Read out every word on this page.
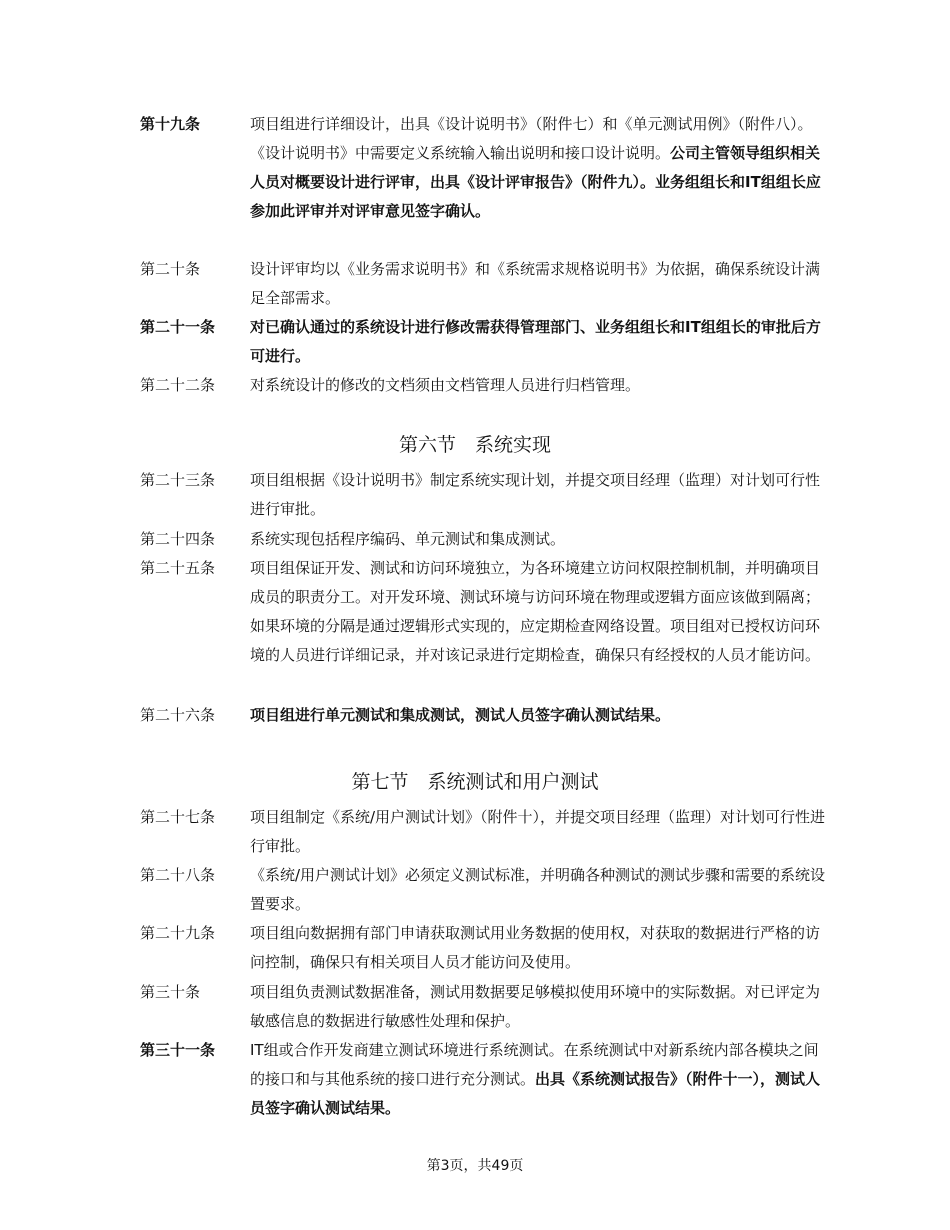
第十九条	项目组进行详细设计，出具《设计说明书》（附件七）和《单元测试用例》（附件八）。《设计说明书》中需要定义系统输入输出说明和接口设计说明。公司主管领导组织相关人员对概要设计进行评审，出具《设计评审报告》（附件九）。业务组组长和IT组组长应参加此评审并对评审意见签字确认。
第二十条	设计评审均以《业务需求说明书》和《系统需求规格说明书》为依据，确保系统设计满足全部需求。
第二十一条	对已确认通过的系统设计进行修改需获得管理部门、业务组组长和IT组组长的审批后方可进行。
第二十二条	对系统设计的修改的文档须由文档管理人员进行归档管理。
第六节　系统实现
第二十三条	项目组根据《设计说明书》制定系统实现计划，并提交项目经理（监理）对计划可行性进行审批。
第二十四条	系统实现包括程序编码、单元测试和集成测试。
第二十五条	项目组保证开发、测试和访问环境独立，为各环境建立访问权限控制机制，并明确项目成员的职责分工。对开发环境、测试环境与访问环境在物理或逻辑方面应该做到隔离；如果环境的分隔是通过逻辑形式实现的，应定期检查网络设置。项目组对已授权访问环境的人员进行详细记录，并对该记录进行定期检查，确保只有经授权的人员才能访问。
第二十六条	项目组进行单元测试和集成测试，测试人员签字确认测试结果。
第七节　系统测试和用户测试
第二十七条	项目组制定《系统/用户测试计划》（附件十），并提交项目经理（监理）对计划可行性进行审批。
第二十八条	《系统/用户测试计划》必须定义测试标准，并明确各种测试的测试步骤和需要的系统设置要求。
第二十九条	项目组向数据拥有部门申请获取测试用业务数据的使用权，对获取的数据进行严格的访问控制，确保只有相关项目人员才能访问及使用。
第三十条	项目组负责测试数据准备，测试用数据要足够模拟使用环境中的实际数据。对已评定为敏感信息的数据进行敏感性处理和保护。
第三十一条	IT组或合作开发商建立测试环境进行系统测试。在系统测试中对新系统内部各模块之间的接口和与其他系统的接口进行充分测试。出具《系统测试报告》（附件十一），测试人员签字确认测试结果。
第3页，共49页
